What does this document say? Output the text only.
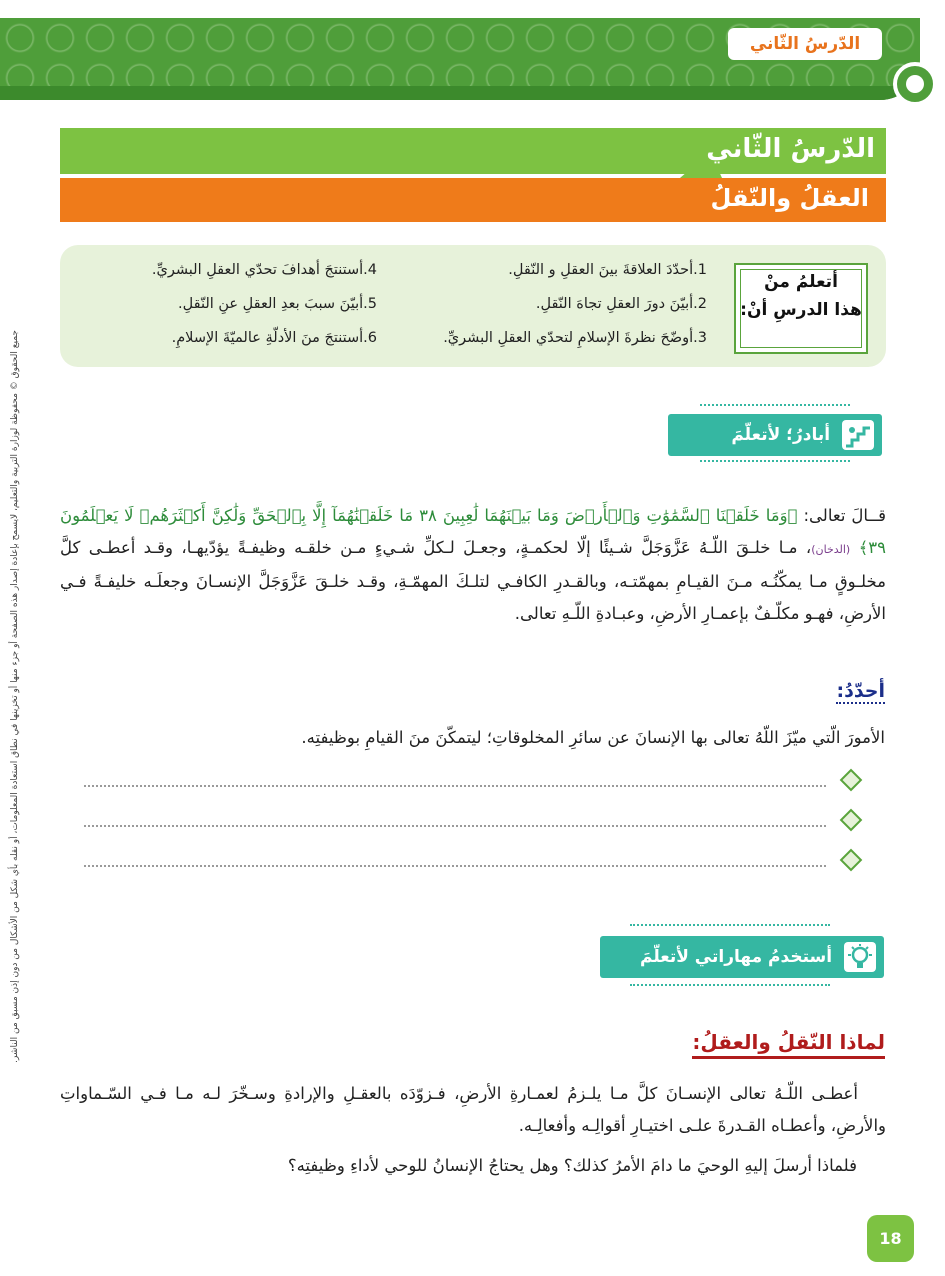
الدّرسُ الثّاني
الدّرسُ الثّاني
العقلُ والنّقلُ
أتعلمُ منْ
هذا الدرسِ أنْ:
1.أحدّدَ العلاقةَ بينَ العقلِ و النّقلِ.
2.أبيّنَ دورَ العقلِ تجاهَ النّقلِ.
3.أوضّحَ نظرةَ الإسلامِ لتحدّي العقلِ البشريِّ.
4.أستنتجَ أهدافَ تحدّي العقلِ البشريِّ.
5.أبيّنَ سببَ بعدِ العقلِ عنِ النّقلِ.
6.أستنتجَ منَ الأدلّةِ عالميّةَ الإسلامِ.
أبادرُ؛ لأتعلّمَ
قــالَ تعالى: ﴿وَمَا خَلَقۡنَا ٱلسَّمَٰوَٰتِ وَٱلۡأَرۡضَ وَمَا بَيۡنَهُمَا لَٰعِبِينَ ٣٨ مَا خَلَقۡنَٰهُمَآ إِلَّا بِٱلۡحَقِّ وَلَٰكِنَّ أَكۡثَرَهُمۡ لَا يَعۡلَمُونَ ٣٩﴾ (الدخان)، مـا خلـقَ اللّـهُ عَزَّوَجَلَّ شـيئًا إلّا لحكمـةٍ، وجعـلَ لـكلِّ شـيءٍ مـن خلقـه وظيفـةً يؤدّيهـا، وقـد أعطـى كلَّ مخلـوقٍ مـا يمكّنُـه مـنَ القيـامِ بمهمّتـه، وبالقـدرِ الكافـي لتلـكَ المهمّـةِ، وقـد خلـقَ عَزَّوَجَلَّ الإنسـانَ وجعلَـه خليفـةً فـي الأرضِ، فهـو مكلّـفٌ بإعمـارِ الأرضِ، وعبـادةِ اللّـهِ تعالى.
أحدّدُ:
الأمورَ الّتي ميّزَ اللّهُ تعالى بها الإنسانَ عن سائرِ المخلوقاتِ؛ ليتمكّنَ منَ القيامِ بوظيفتِه.
أستخدمُ مهاراتي لأتعلّمَ
لماذا النّقلُ والعقلُ:
أعطـى اللّـهُ تعالى الإنسـانَ كلَّ مـا يلـزمُ لعمـارةِ الأرضِ، فـزوّدَه بالعقـلِ والإرادةِ وسـخّرَ لـه مـا فـي السّـماواتِ والأرضِ، وأعطـاه القـدرةَ علـى اختيـارِ أقوالِـه وأفعالِـه.
فلماذا أرسلَ إليهِ الوحيَ ما دامَ الأمرُ كذلك؟ وهل يحتاجُ الإنسانُ للوحي لأداءِ وظيفتِه؟
جميع الحقوق © محفوظة لوزارة التربية والتعليم، لايسمح بإعادة إصدار هذه الصفحة أو جزء منها أو تخزينها في نطاق استعادة المعلومات، أو نقله بأي شكل من الأشكال من دون إذن مسبق من الناشر.
18
